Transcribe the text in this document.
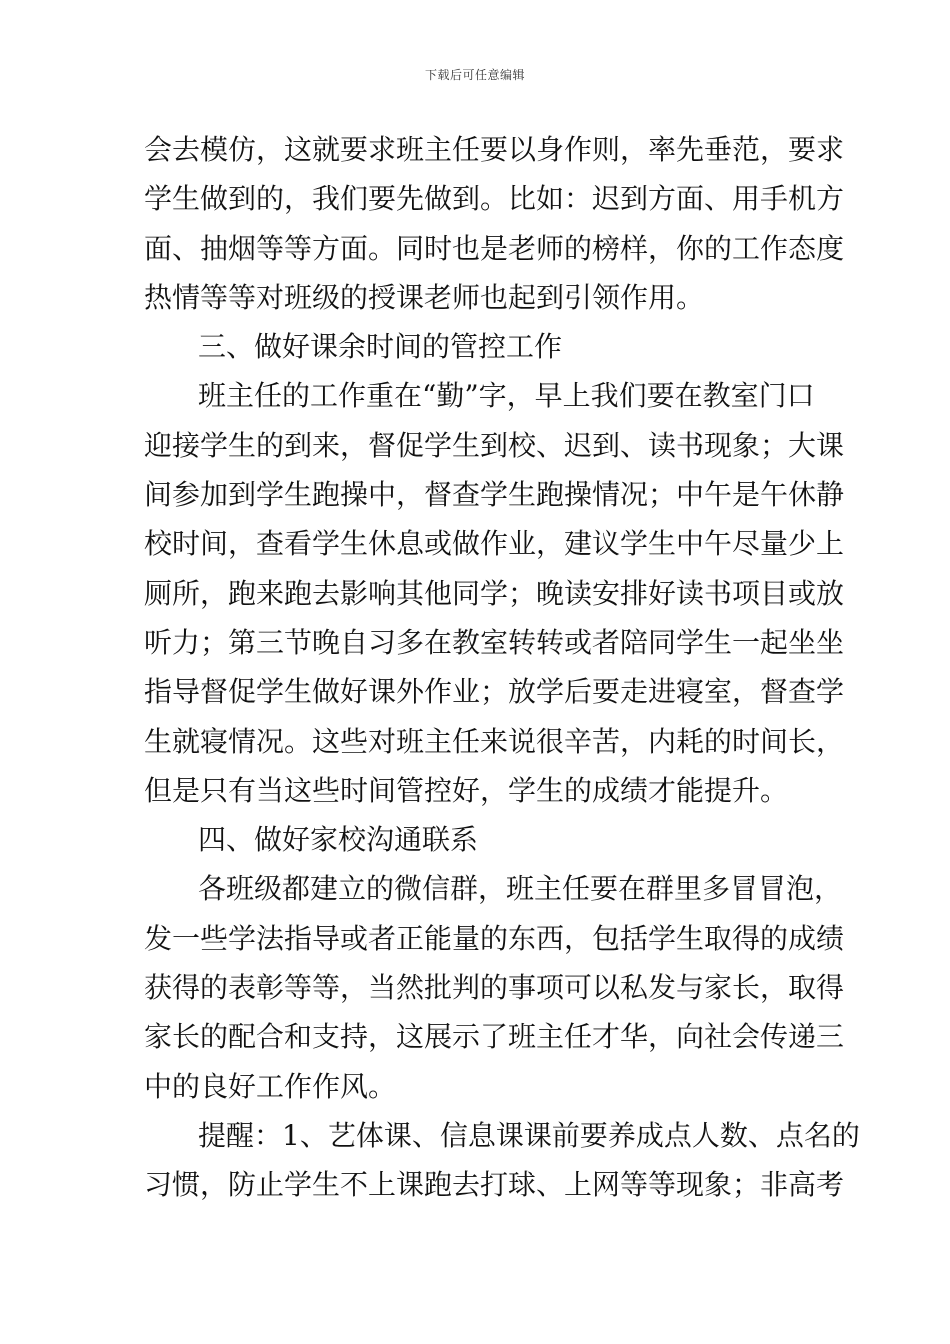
下载后可任意编辑
会去模仿，这就要求班主任要以身作则，率先垂范，要求
学生做到的，我们要先做到。比如：迟到方面、用手机方
面、抽烟等等方面。同时也是老师的榜样，你的工作态度
热情等等对班级的授课老师也起到引领作用。
三、做好课余时间的管控工作
班主任的工作重在“勤”字，早上我们要在教室门口
迎接学生的到来，督促学生到校、迟到、读书现象；大课
间参加到学生跑操中，督查学生跑操情况；中午是午休静
校时间，查看学生休息或做作业，建议学生中午尽量少上
厕所，跑来跑去影响其他同学；晚读安排好读书项目或放
听力；第三节晚自习多在教室转转或者陪同学生一起坐坐
指导督促学生做好课外作业；放学后要走进寝室，督查学
生就寝情况。这些对班主任来说很辛苦，内耗的时间长，
但是只有当这些时间管控好，学生的成绩才能提升。
四、做好家校沟通联系
各班级都建立的微信群，班主任要在群里多冒冒泡，
发一些学法指导或者正能量的东西，包括学生取得的成绩
获得的表彰等等，当然批判的事项可以私发与家长，取得
家长的配合和支持，这展示了班主任才华，向社会传递三
中的良好工作作风。
提醒：1、艺体课、信息课课前要养成点人数、点名的
习惯，防止学生不上课跑去打球、上网等等现象；非高考
